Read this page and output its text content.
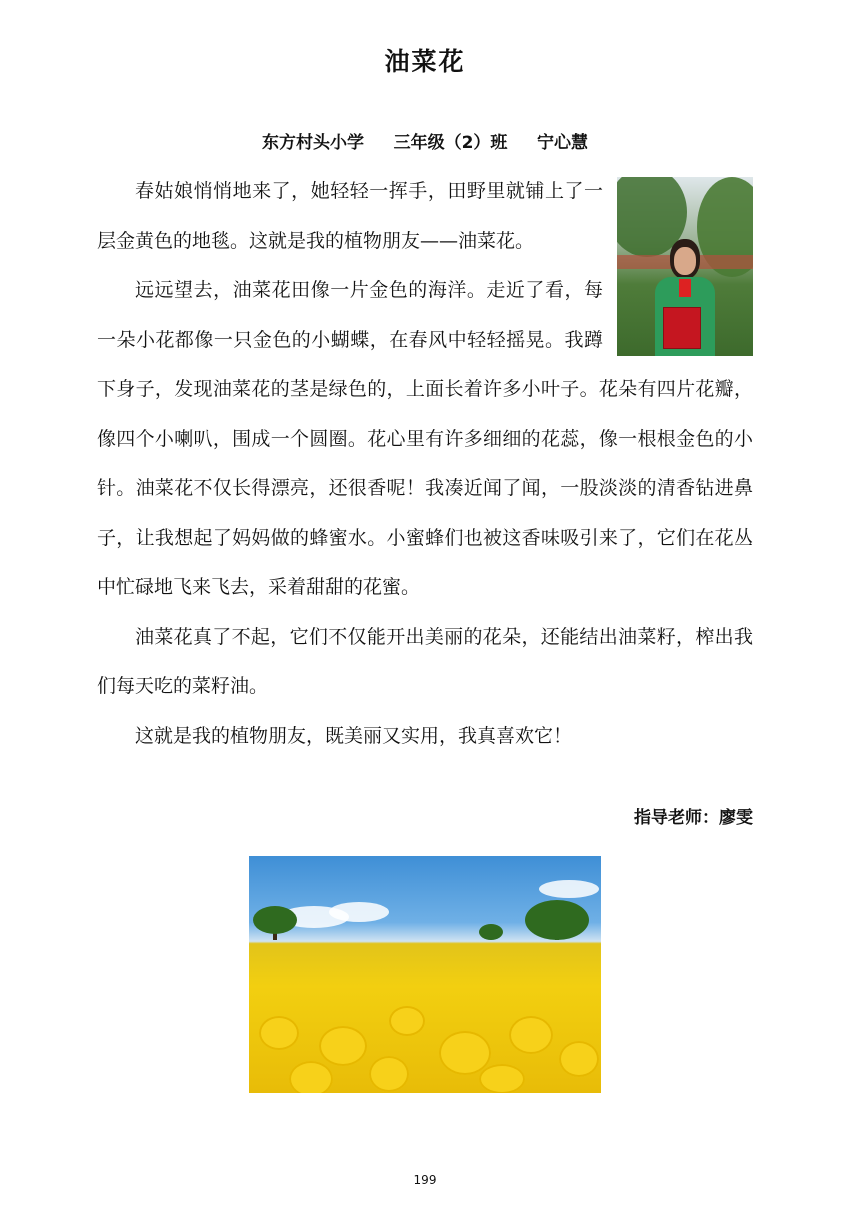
油菜花
东方村头小学     三年级（2）班     宁心慧

春姑娘悄悄地来了，她轻轻一挥手，田野里就铺上了一层金黄色的地毯。这就是我的植物朋友——油菜花。

远远望去，油菜花田像一片金色的海洋。走近了看，每一朵小花都像一只金色的小蝴蝶，在春风中轻轻摇晃。我蹲下身子，发现油菜花的茎是绿色的，上面长着许多小叶子。花朵有四片花瓣，像四个小喇叭，围成一个圆圈。花心里有许多细细的花蕊，像一根根金色的小针。油菜花不仅长得漂亮，还很香呢！我凑近闻了闻，一股淡淡的清香钻进鼻子，让我想起了妈妈做的蜂蜜水。小蜜蜂们也被这香味吸引来了，它们在花丛中忙碌地飞来飞去，采着甜甜的花蜜。

油菜花真了不起，它们不仅能开出美丽的花朵，还能结出油菜籽，榨出我们每天吃的菜籽油。

这就是我的植物朋友，既美丽又实用，我真喜欢它！

指导老师：廖雯
199
